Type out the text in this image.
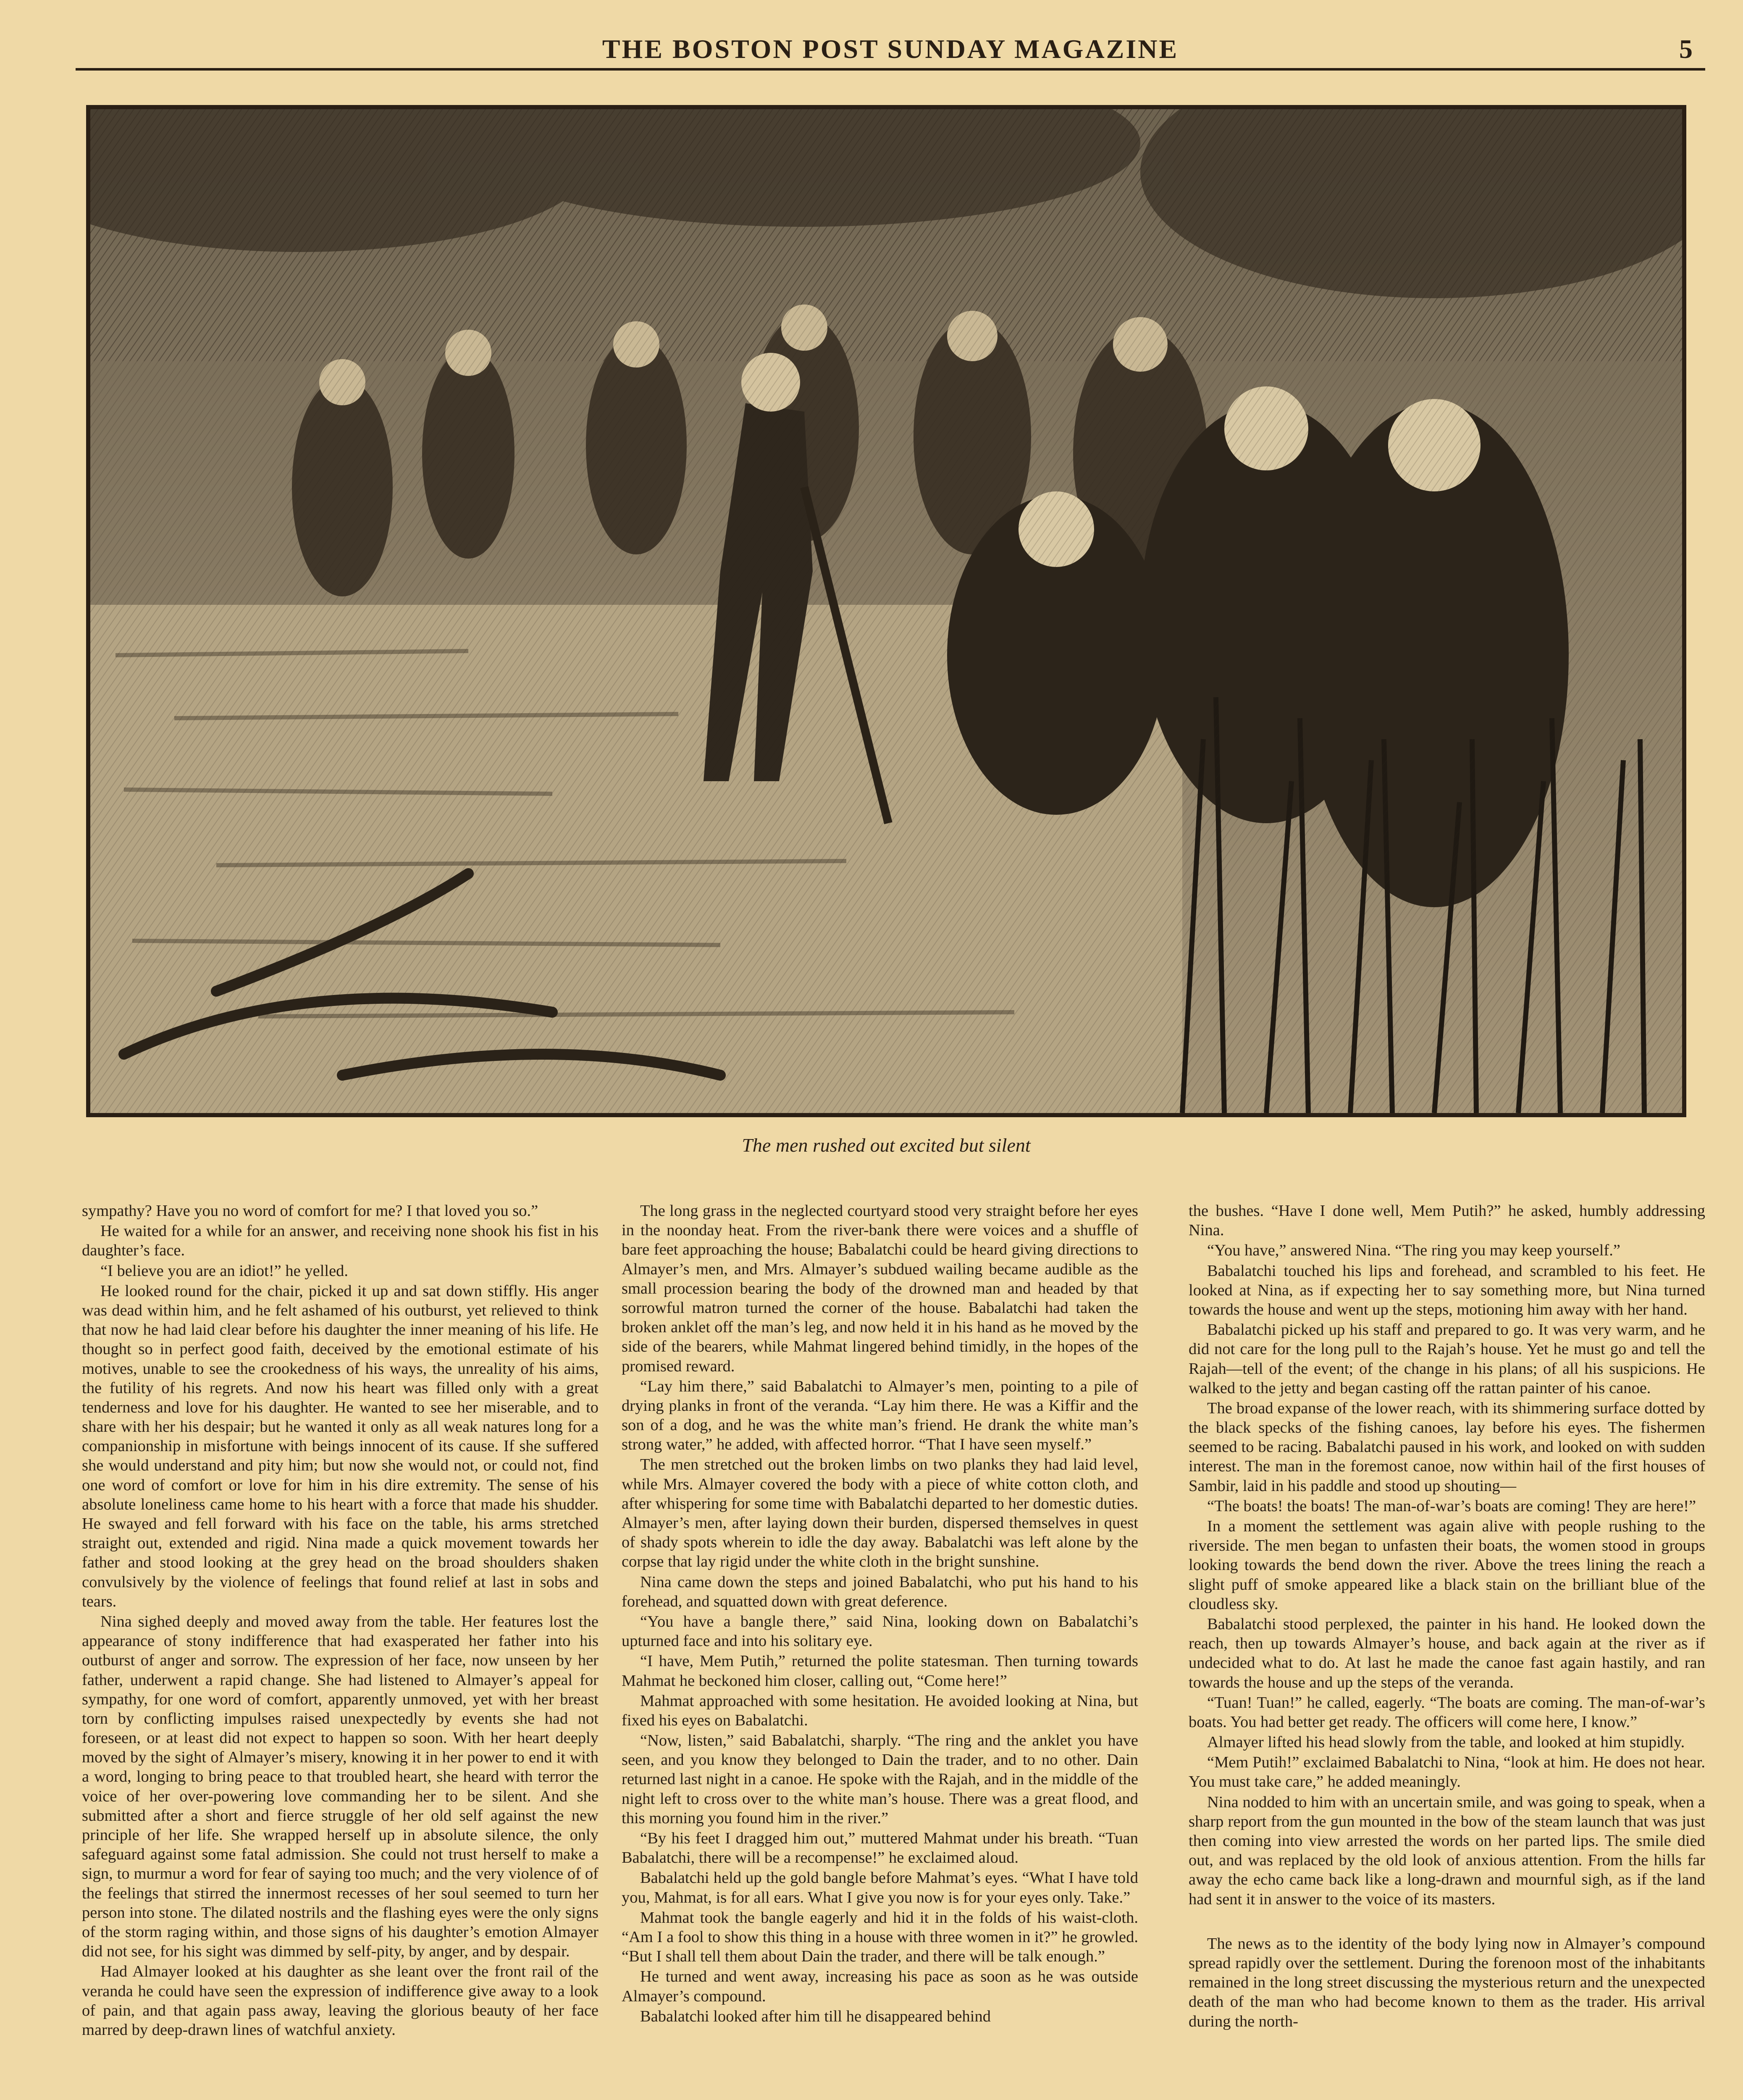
THE BOSTON POST SUNDAY MAGAZINE	5
The men rushed out excited but silent

sympathy? Have you no word of comfort for me? I that loved you so.”

He waited for a while for an answer, and receiving none shook his fist in his daughter’s face.

“I believe you are an idiot!” he yelled.

He looked round for the chair, picked it up and sat down stiffly. His anger was dead within him, and he felt ashamed of his outburst, yet relieved to think that now he had laid clear before his daughter the inner meaning of his life. He thought so in perfect good faith, deceived by the emotional estimate of his motives, unable to see the crookedness of his ways, the unreality of his aims, the futility of his regrets. And now his heart was filled only with a great tenderness and love for his daughter. He wanted to see her miserable, and to share with her his despair; but he wanted it only as all weak natures long for a companionship in misfortune with beings innocent of its cause. If she suffered she would understand and pity him; but now she would not, or could not, find one word of comfort or love for him in his dire extremity. The sense of his absolute loneliness came home to his heart with a force that made his shudder. He swayed and fell forward with his face on the table, his arms stretched straight out, extended and rigid. Nina made a quick movement towards her father and stood looking at the grey head on the broad shoulders shaken convulsively by the violence of feelings that found relief at last in sobs and tears.

Nina sighed deeply and moved away from the table. Her features lost the appearance of stony indifference that had exasperated her father into his outburst of anger and sorrow. The expression of her face, now unseen by her father, underwent a rapid change. She had listened to Almayer’s appeal for sympathy, for one word of comfort, apparently unmoved, yet with her breast torn by conflicting impulses raised unexpectedly by events she had not foreseen, or at least did not expect to happen so soon. With her heart deeply moved by the sight of Almayer’s misery, knowing it in her power to end it with a word, longing to bring peace to that troubled heart, she heard with terror the voice of her over-powering love commanding her to be silent. And she submitted after a short and fierce struggle of her old self against the new principle of her life. She wrapped herself up in absolute silence, the only safeguard against some fatal admission. She could not trust herself to make a sign, to murmur a word for fear of saying too much; and the very violence of of the feelings that stirred the innermost recesses of her soul seemed to turn her person into stone. The dilated nostrils and the flashing eyes were the only signs of the storm raging within, and those signs of his daughter’s emotion Almayer did not see, for his sight was dimmed by self-pity, by anger, and by despair.

Had Almayer looked at his daughter as she leant over the front rail of the veranda he could have seen the expression of indifference give away to a look of pain, and that again pass away, leaving the glorious beauty of her face marred by deep-drawn lines of watchful anxiety.

The long grass in the neglected courtyard stood very straight before her eyes in the noonday heat. From the river-bank there were voices and a shuffle of bare feet approaching the house; Babalatchi could be heard giving directions to Almayer’s men, and Mrs. Almayer’s subdued wailing became audible as the small procession bearing the body of the drowned man and headed by that sorrowful matron turned the corner of the house. Babalatchi had taken the broken anklet off the man’s leg, and now held it in his hand as he moved by the side of the bearers, while Mahmat lingered behind timidly, in the hopes of the promised reward.

“Lay him there,” said Babalatchi to Almayer’s men, pointing to a pile of drying planks in front of the veranda. “Lay him there. He was a Kiffir and the son of a dog, and he was the white man’s friend. He drank the white man’s strong water,” he added, with affected horror. “That I have seen myself.”

The men stretched out the broken limbs on two planks they had laid level, while Mrs. Almayer covered the body with a piece of white cotton cloth, and after whispering for some time with Babalatchi departed to her domestic duties. Almayer’s men, after laying down their burden, dispersed themselves in quest of shady spots wherein to idle the day away. Babalatchi was left alone by the corpse that lay rigid under the white cloth in the bright sunshine.

Nina came down the steps and joined Babalatchi, who put his hand to his forehead, and squatted down with great deference.

“You have a bangle there,” said Nina, looking down on Babalatchi’s upturned face and into his solitary eye.

“I have, Mem Putih,” returned the polite statesman. Then turning towards Mahmat he beckoned him closer, calling out, “Come here!”

Mahmat approached with some hesitation. He avoided looking at Nina, but fixed his eyes on Babalatchi.

“Now, listen,” said Babalatchi, sharply. “The ring and the anklet you have seen, and you know they belonged to Dain the trader, and to no other. Dain returned last night in a canoe. He spoke with the Rajah, and in the middle of the night left to cross over to the white man’s house. There was a great flood, and this morning you found him in the river.”

“By his feet I dragged him out,” muttered Mahmat under his breath. “Tuan Babalatchi, there will be a recompense!” he exclaimed aloud.

Babalatchi held up the gold bangle before Mahmat’s eyes. “What I have told you, Mahmat, is for all ears. What I give you now is for your eyes only. Take.”

Mahmat took the bangle eagerly and hid it in the folds of his waist-cloth. “Am I a fool to show this thing in a house with three women in it?” he growled. “But I shall tell them about Dain the trader, and there will be talk enough.”

He turned and went away, increasing his pace as soon as he was outside Almayer’s compound.

Babalatchi looked after him till he disappeared behind

the bushes. “Have I done well, Mem Putih?” he asked, humbly addressing Nina.

“You have,” answered Nina. “The ring you may keep yourself.”

Babalatchi touched his lips and forehead, and scrambled to his feet. He looked at Nina, as if expecting her to say something more, but Nina turned towards the house and went up the steps, motioning him away with her hand.

Babalatchi picked up his staff and prepared to go. It was very warm, and he did not care for the long pull to the Rajah’s house. Yet he must go and tell the Rajah—tell of the event; of the change in his plans; of all his suspicions. He walked to the jetty and began casting off the rattan painter of his canoe.

The broad expanse of the lower reach, with its shimmering surface dotted by the black specks of the fishing canoes, lay before his eyes. The fishermen seemed to be racing. Babalatchi paused in his work, and looked on with sudden interest. The man in the foremost canoe, now within hail of the first houses of Sambir, laid in his paddle and stood up shouting—

“The boats! the boats! The man-of-war’s boats are coming! They are here!”

In a moment the settlement was again alive with people rushing to the riverside. The men began to unfasten their boats, the women stood in groups looking towards the bend down the river. Above the trees lining the reach a slight puff of smoke appeared like a black stain on the brilliant blue of the cloudless sky.

Babalatchi stood perplexed, the painter in his hand. He looked down the reach, then up towards Almayer’s house, and back again at the river as if undecided what to do. At last he made the canoe fast again hastily, and ran towards the house and up the steps of the veranda.

“Tuan! Tuan!” he called, eagerly. “The boats are coming. The man-of-war’s boats. You had better get ready. The officers will come here, I know.”

Almayer lifted his head slowly from the table, and looked at him stupidly.

“Mem Putih!” exclaimed Babalatchi to Nina, “look at him. He does not hear. You must take care,” he added meaningly.

Nina nodded to him with an uncertain smile, and was going to speak, when a sharp report from the gun mounted in the bow of the steam launch that was just then coming into view arrested the words on her parted lips. The smile died out, and was replaced by the old look of anxious attention. From the hills far away the echo came back like a long-drawn and mournful sigh, as if the land had sent it in answer to the voice of its masters.

The news as to the identity of the body lying now in Almayer’s compound spread rapidly over the settlement. During the forenoon most of the inhabitants remained in the long street discussing the mysterious return and the unexpected death of the man who had become known to them as the trader. His arrival during the north-
